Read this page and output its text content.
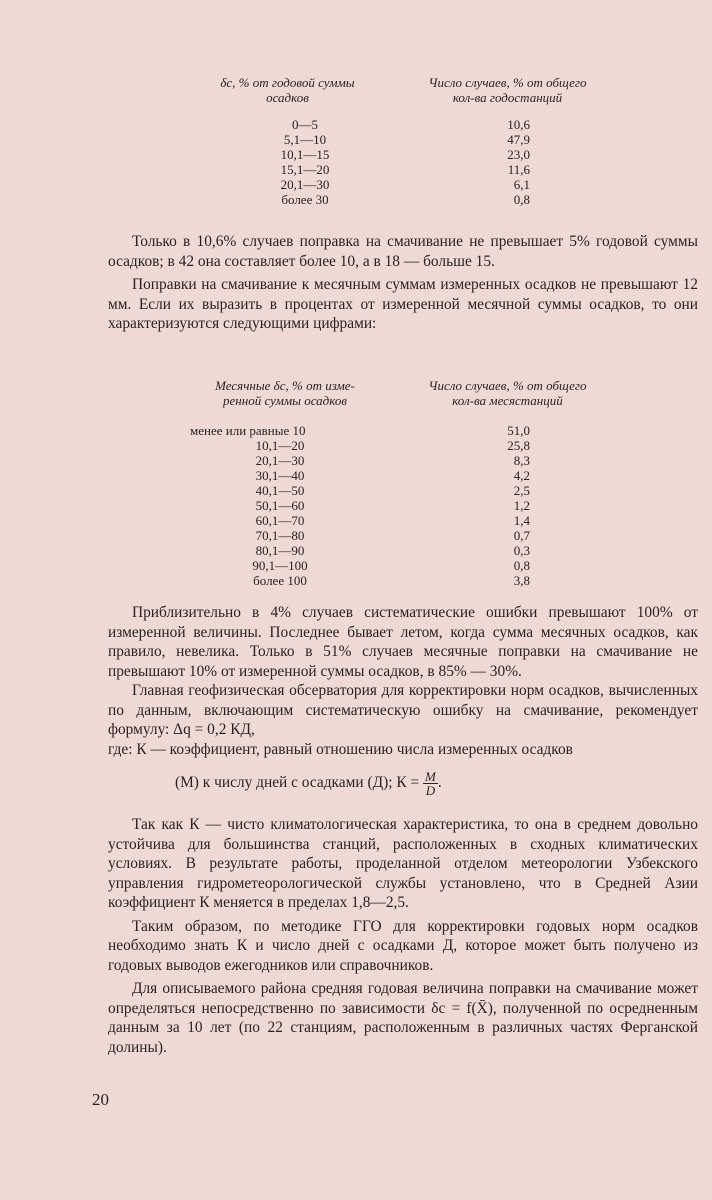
δс, % от годовой суммы
осадков
Число случаев, % от общего
кол-ва годостанций
0—5
5,1—10
10,1—15
15,1—20
20,1—30
более 30
10,6
47,9
23,0
11,6
6,1
0,8

Только в 10,6% случаев поправка на смачивание не превышает 5% годовой суммы осадков; в 42 она составляет более 10, а в 18 — больше 15.

Поправки на смачивание к месячным суммам измеренных осадков не превышают 12 мм. Если их выразить в процентах от измеренной месячной суммы осадков, то они характеризуются следующими цифрами:

Месячные δс, % от изме-
ренной суммы осадков
Число случаев, % от общего
кол-ва месястанций
менее или равные 10
10,1—20
20,1—30
30,1—40
40,1—50
50,1—60
60,1—70
70,1—80
80,1—90
90,1—100
более 100
51,0
25,8
8,3
4,2
2,5
1,2
1,4
0,7
0,3
0,8
3,8

Приблизительно в 4% случаев систематические ошибки превышают 100% от измеренной величины. Последнее бывает летом, когда сумма месячных осадков, как правило, невелика. Только в 51% случаев месячные поправки на смачивание не превышают 10% от измеренной суммы осадков, в 85% — 30%.

Главная геофизическая обсерватория для корректировки норм осадков, вычисленных по данным, включающим систематическую ошибку на смачивание, рекомендует формулу: Δq = 0,2 КД,

где: К — коэффициент, равный отношению числа измеренных осадков

(М) к числу дней с осадками (Д); $К = \frac{M}{D}$ .

Так как К — чисто климатологическая характеристика, то она в среднем довольно устойчива для большинства станций, расположенных в сходных климатических условиях. В результате работы, проделанной отделом метеорологии Узбекского управления гидрометеорологической службы установлено, что в Средней Азии коэффициент К меняется в пределах 1,8—2,5.

Таким образом, по методике ГГО для корректировки годовых норм осадков необходимо знать К и число дней с осадками Д, которое может быть получено из годовых выводов ежегодников или справочников.

Для описываемого района средняя годовая величина поправки на смачивание может определяться непосредственно по зависимости δс = f(X̄), полученной по осредненным данным за 10 лет (по 22 станциям, расположенным в различных частях Ферганской долины).

20
